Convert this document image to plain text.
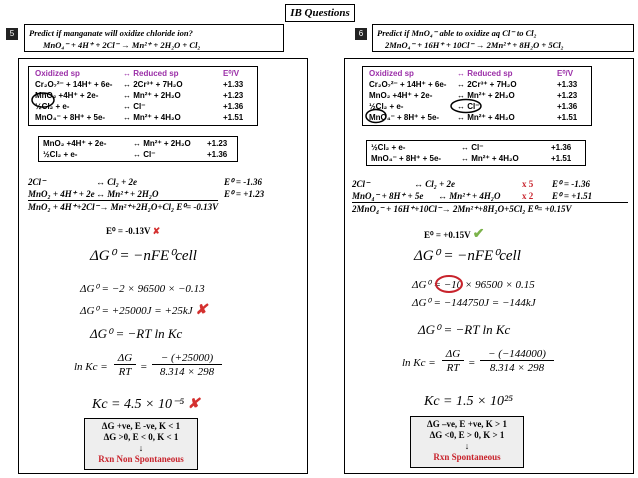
IB Questions
5	Predict if manganate will oxidize chloride ion?
MnO₄⁻ + 4H⁺ + 2Cl⁻ → Mn²⁺ + 2H₂O + Cl₂
Oxidized sp	↔ Reduced sp	E⁰/V
Cr₂O₇²⁻ + 14H⁺ + 6e- ↔ 2Cr³⁺ + 7H₂O	+1.33
MnO₂ +4H⁺ + 2e-	↔ Mn²⁺ + 2H₂O	+1.23
½Cl₂ + e-	↔ Cl⁻	+1.36
MnO₄⁻ + 8H⁺ + 5e- ↔ Mn²⁺ + 4H₂O	+1.51
MnO₂ +4H⁺ + 2e-	↔ Mn²⁺ + 2H₂O +1.23
½Cl₂ + e-	↔ Cl⁻	+1.36
2Cl⁻	↔ Cl₂ + 2e	E⁰ = -1.36
MnO₂ + 4H⁺ + 2e ↔ Mn²⁺ + 2H₂O	E⁰ = +1.23
MnO₂ + 4H⁺+2Cl⁻→ Mn²⁺+2H₂O+Cl₂ E⁰= -0.13V
E⁰ = -0.13V ✘
ΔG⁰ = −nFE⁰cell
ΔG⁰ = −2 × 96500 × −0.13
ΔG⁰ = +25000J = +25kJ ✘
ΔG⁰ = −RT ln Kc
ln Kc =
ΔG
RT =
− (+25000)
8.314 × 298
Kc = 4.5 × 10⁻⁵ ✘
ΔG +ve, E -ve, K < 1
ΔG >0, E < 0, K < 1
↓
Rxn Non Spontaneous
6	Predict if MnO₄⁻ able to oxidize aq Cl⁻ to Cl₂
2MnO₄⁻ + 16H⁺ + 10Cl⁻ → 2Mn²⁺ + 8H₂O + 5Cl₂
Oxidized sp	↔ Reduced sp	E⁰/V
Cr₂O₇²⁻ + 14H⁺ + 6e- ↔ 2Cr³⁺ + 7H₂O	+1.33
MnO₂ +4H⁺ + 2e-	↔ Mn²⁺ + 2H₂O	+1.23
½Cl₂ + e-	↔ Cl⁻	+1.36
MnO₄⁻ + 8H⁺ + 5e- ↔ Mn²⁺ + 4H₂O	+1.51
½Cl₂ + e-	↔ Cl⁻	+1.36
MnO₄⁻ + 8H⁺ + 5e- ↔ Mn²⁺ + 4H₂O	+1.51
2Cl⁻	↔ Cl₂ + 2e	x 5 E⁰ = -1.36
MnO₄⁻ + 8H⁺ + 5e ↔ Mn²⁺ + 4H₂O x 2 E⁰ = +1.51
2MnO₄⁻ + 16H⁺+10Cl⁻→ 2Mn²⁺+8H₂O+5Cl₂ E⁰= +0.15V
E⁰ = +0.15V ✔
ΔG⁰ = −nFE⁰cell
ΔG⁰ = −10 × 96500 × 0.15
ΔG⁰ = −144750J = −144kJ
ΔG⁰ = −RT ln Kc
ln Kc =
ΔG
RT =
− (−144000)
8.314 × 298
Kc = 1.5 × 10²⁵
ΔG –ve, E +ve, K > 1
ΔG <0, E > 0, K > 1
↓
Rxn Spontaneous
